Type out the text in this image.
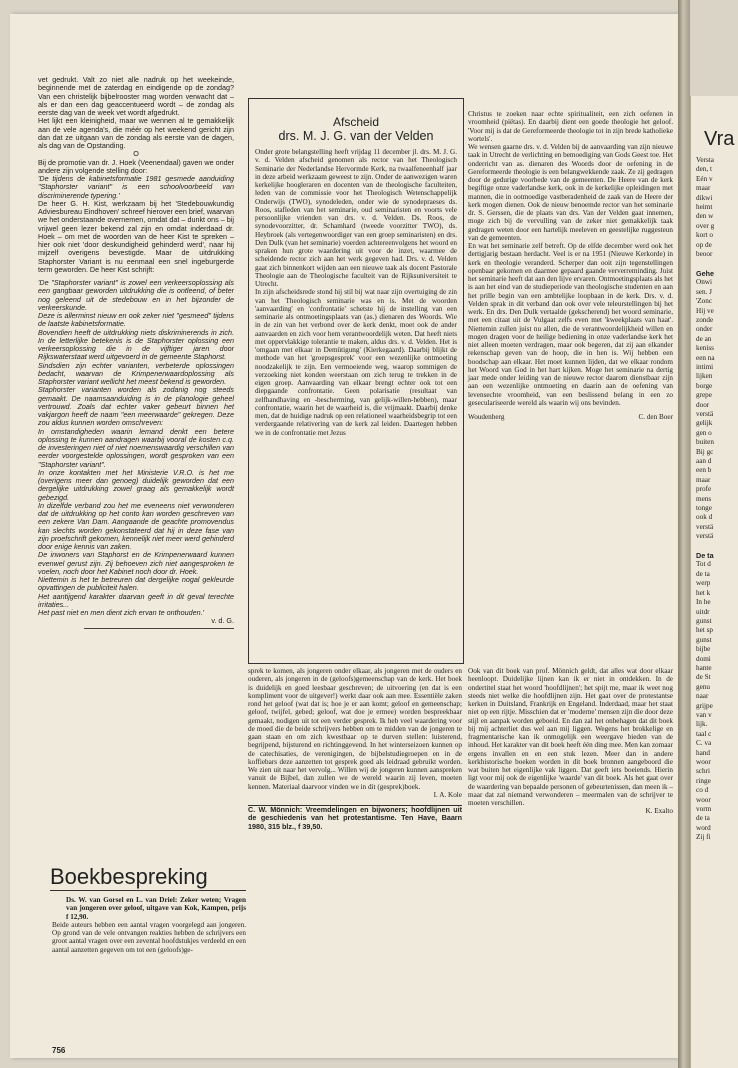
vet gedrukt. Valt zo niet alle nadruk op het weekeinde, beginnende met de zaterdag en eindigende op de zondag? Van een christelijk bijbelrooster mag worden verwacht dat – als er dan een dag geaccentueerd wordt – de zondag als eerste dag van de week vet wordt afgedrukt.

Het lijkt een kleinigheid, maar we wennen al te gemakkelijk aan de vele agenda's, die méér op het weekend gericht zijn dan dat ze uitgaan van de zondag als eerste van de dagen, als dag van de Opstanding.

O

Bij de promotie van dr. J. Hoek (Veenendaal) gaven we onder andere zijn volgende stelling door:

'De tijdens de kabinetsformatie 1981 gesmede aanduiding "Staphorster variant" is een schoolvoorbeeld van discriminerende typering.'

De heer G. H. Kist, werkzaam bij het 'Stedebouwkundig Adviesbureau Eindhoven' schreef hierover een brief, waarvan we het onderstaande overnemen, omdat dat – dunkt ons – bij vrijwel geen lezer bekend zal zijn en omdat inderdaad dr. Hoek – om met de woorden van de heer Kist te spreken – hier ook niet 'door deskundigheid gehinderd werd', naar hij mijzelf overigens bevestigde. Maar de uitdrukking Staphorster Variant is nu eenmaal een snel ingeburgerde term geworden. De heer Kist schrijft:

'De "Staphorster variant" is zowel een verkeersoplossing als een gangbaar geworden uitdrukking die is ontleend, of beter nog geleend uit de stedebouw en in het bijzonder de verkeerskunde.

Deze is allerminst nieuw en ook zeker niet "gesmeed" tijdens de laatste kabinetsformatie.

Bovendien heeft de uitdrukking niets diskriminerends in zich. In de letterlijke betekenis is de Staphorster oplossing een verkeersoplossing die in de vijftiger jaren door Rijkswaterstaat werd uitgevoerd in de gemeente Staphorst.

Sindsdien zijn echter varianten, verbeterde oplossingen bedacht, waarvan de Krimpenerwaardoplossing als Staphorster variant wellicht het meest bekend is geworden.

Staphorster varianten worden als zodanig nog steeds gemaakt. De naamsaanduiding is in de planologie geheel vertrouwd. Zoals dat echter vaker gebeurt binnen het vakjargon heeft de naam "een meerwaarde" gekregen. Deze zou aldus kunnen worden omschreven:

In omstandigheden waarin lemand denkt een betere oplossing te kunnen aandragen waarbij vooral de kosten c.q. de investeringen niet of niet noemenswaardig verschillen van eerder voorgestelde oplossingen, wordt gesproken van een "Staphorster variant".

In onze kontakten met het Ministerie V.R.O. is het me (overigens meer dan genoeg) duidelijk geworden dat een dergelijke uitdrukking zowel graag als gemakkelijk wordt gebezigd.

In dizelfde verband zou het me eveneens niet verwonderen dat de uitdrukking op het conto kan worden geschreven van een zekere Van Dam. Aangaande de geachte promovendus kan slechts worden gekonstateerd dat hij in deze fase van zijn proefschrift gekomen, kennelijk niet meer werd gehinderd door enige kennis van zaken.

De inwoners van Staphorst en de Krimpenerwaard kunnen evenwel gerust zijn. Zij behoeven zich niet aangesproken te voelen, noch door het Kabinet noch door dr. Hoek.

Niettemin is het te betreuren dat dergelijke nogal gekleurde opvattingen de publiciteit halen.

Het aantijgend karakter daarvan geeft in dit geval terechte irritaties...

Het past niet en men dient zich ervan te onthouden.'

v. d. G.

Afscheid
drs. M. J. G. van der Velden

Onder grote belangstelling heeft vrijdag 11 december jl. drs. M. J. G. v. d. Velden afscheid genomen als rector van het Theologisch Seminarie der Nederlandse Hervormde Kerk, na twaalfeneenhalf jaar in deze arbeid werkzaam geweest te zijn. Onder de aanwezigen waren kerkelijke hoogleraren en docenten van de theologische faculteiten, leden van de commissie voor het Theologisch Wetenschappelijk Onderwijs (TWO), synodeleden, onder wie de synodepraeses ds. Roos, stafleden van het seminarie, oud seminaristen en voorts vele persoonlijke vrienden van drs. v. d. Velden. Ds. Roos, de synodevoorzitter, dr. Schamhard (tweede voorzitter TWO), ds. Heybroek (als vertegenwoordiger van een groep seminaristen) en drs. Den Dulk (van het seminarie) voerden achtereenvolgens het woord en spraken hun grote waardering uit voor de inzet, waarmee de scheidende rector zich aan het werk gegeven had. Drs. v. d. Velden gaat zich binnenkort wijden aan een nieuwe taak als docent Pastorale Theologie aan de Theologische faculteit van de Rijksuniversiteit te Utrecht.

In zijn afscheidsrede stond hij stil bij wat naar zijn overtuiging de zin van het Theologisch seminarie was en is. Met de woorden 'aanvaarding' en 'confrontatie' schetste hij de instelling van een seminarie als ontmoetingsplaats van (as.) dienaren des Woords. Wie in de zin van het verbond over de kerk denkt, moet ook de ander aanvaarden en zich voor hem verantwoordelijk weten. Dat heeft niets met oppervlakkige tolerantie te maken, aldus drs. v. d. Velden. Het is 'omgaan met elkaar in Demütigung' (Kierkegaard). Daarbij blijkt de methode van het 'groepsgesprek' voor een wezenlijke ontmoeting noodzakelijk te zijn. Een vermoeiende weg, waarop sommigen de verzoeking niet konden weerstaan om zich terug te trekken in de eigen groep. Aanvaarding van elkaar brengt echter ook tot een diepgaande confrontatie. Geen polarisatie (resultaat van zelfhandhaving en -bescherming, van gelijk-willen-hebben), maar confrontatie, waarin het de waarheid is, die vrijmaakt. Daarbij denke men, dat de huidige nadruk op een relationeel waarheidsbegrip tot een verdergaande relativering van de kerk zal leiden. Daartegen hebben we in de confrontatie met Jezus

Christus te zoeken naar echte spiritualiteit, een zich oefenen in vroomheid (piëtas). En daarbij dient een goede theologie het geloof. 'Voor mij is dat de Gereformeerde theologie tot in zijn brede katholieke wortels'.

We wensen gaarne drs. v. d. Velden bij de aanvaarding van zijn nieuwe taak in Utrecht de verlichting en bemoediging van Gods Geest toe. Het onderricht van as. dienaren des Woords door de oefening in de Gereformeerde theologie is een belangwekkende zaak. Ze zij gedragen door de gedurige voorbede van de gemeenten. De Heere van de kerk begiftige onze vaderlandse kerk, ook in de kerkelijke opleidingen met mannen, die in ootmoedige vastberadenheid de zaak van de Heere der kerk mogen dienen. Ook de nieuw benoemde rector van het seminarie dr. S. Gerssen, die de plaats van drs. Van der Velden gaat innemen, moge zich bij de vervulling van de zeker niet gemakkelijk taak gedragen weten door een hartelijk meeleven en geestelijke ruggesteun van de gemeenten.

En wat het seminarie zelf betreft. Op de elfde december werd ook het dertigjarig bestaan herdacht. Veel is er na 1951 (Nieuwe Kerkorde) in kerk en theologie veranderd. Scherper dan ooit zijn tegenstellingen openbaar gekomen en daarmee gepaard gaande ververreminding. Juist het seminarie heeft dat aan den lijve ervaren. Ontmoetingsplaats als het is aan het eind van de studieperiode van theologische studenten en aan het prille begin van een ambtelijke loopbaan in de kerk. Drs. v. d. Velden sprak in dit verband dan ook over vele teleurstellingen bij het werk. En drs. Den Dulk vertaalde (gekscherend) het woord seminarie, met een citaat uit de Vulgaat zelfs even met 'kweekplaats van haat'. Niettemin zullen juist nu allen, die de verantwoordelijkheid willen en mogen dragen voor de heilige bediening in onze vaderlandse kerk het niet alleen moeten verdragen, maar ook begeren, dat zij aan elkander rekenschap geven van de hoop, die in hen is. Wij hebben een boodschap aan elkaar. Het moet kunnen lijden, dat we elkaar rondom het Woord van God in het hart kijken. Moge het seminarie na dertig jaar mede onder leiding van de nieuwe rector daarom dienstbaar zijn aan een wezenlijke ontmoeting en daarin aan de oefening van levensechte vroomheid, van een beslissend belang in een zo geseculariseerde wereld als waarin wij ons bevinden.

Woudenberg	C. den Boer
Boekbespreking

Ds. W. van Gorsel en L. van Driel: Zeker weten; Vragen van jongeren over geloof, uitgave van Kok, Kampen, prijs f 12,90.

Beide auteurs hebben een aantal vragen voorgelegd aan jongeren. Op grond van de vele ontvangen reakties hebben de schrijvers een groot aantal vragen over een zevental hoofdstukjes verdeeld en een aantal aanzetten gegeven om tot een (geloofs)ge-

sprek te komen, als jongeren onder elkaar, als jongeren met de ouders en ouderen, als jongeren in de (geloofs)gemeenschap van de kerk. Het boek is duidelijk en goed leesbaar geschreven; de uitvoering (en dat is een kompliment voor de uitgever!) werkt daar ook aan mee. Essentiële zaken rond het geloof (wat dat is; hoe je er aan komt; geloof en gemeenschap; geloof, twijfel, gebed; geloof, wat doe je ermee) worden bespreekbaar gemaakt, nodigen uit tot een verder gesprek. Ik heb veel waardering voor de moed die de beide schrijvers hebben om te midden van de jongeren te gaan staan en om zich kwestbaar op te durven stellen: luisterend, begrijpend, bijsturend en richtinggevend. In het winterseizoen kunnen op de catechisaties, de verenigingen, de bijbelstudiegroepen en in de koffiebars deze aanzetten tot gesprek goed als leidraad gebruikt worden. We zien uit naar het vervolg... Willen wij de jongeren kunnen aanspreken vanuit de Bijbel, dan zullen we de wereld waarin zij leven, moeten kennen. Materiaal daarvoor vinden we in dit (gesprek)boek.

I. A. Kole

C. W. Mönnich: Vreemdelingen en bijwoners; hoofdlijnen uit de geschiedenis van het protestantisme. Ten Have, Baarn 1980, 315 blz., f 39,50.

Ook van dit boek van prof. Mönnich geldt, dat alles wat door elkaar heenloopt. Duidelijke lijnen kan ik er niet in ontdekken. In de ondertitel staat het woord 'hoofdlijnen'; het spijt me, maar ik weet nog steeds niet welke die hoofdlijnen zijn. Het gaat over de protestantse kerken in Duitsland, Frankrijk en Engeland. Inderdaad, maar het staat niet op een rijtje. Misschien dat er 'moderne' mensen zijn die door deze stijl en aanpak worden geboeid. En dan zal het onbehagen dat dit boek bij mij achterliet dus wel aan mij liggen. Wegens het brokkelige en fragmentarische kan ik onmogelijk een weergave bieden van de inhoud. Het karakter van dit boek heeft één ding mee. Men kan zomaar ergens invallen en en een stuk lezen. Meer dan in andere kerkhistorische boeken worden in dit boek bronnen aangeboord die wat buiten het eigenlijke vak liggen. Dat geeft iets boeiends. Hierin ligt voor mij ook de eigenlijke 'waarde' van dit boek. Als het gaat over de waardering van bepaalde personen of gebeurtenissen, dan meen ik – maar dat zal niemand verwonderen – meermalen van de schrijver te moeten verschillen.

K. Exalto

756
Vra
Versta
den, t
Eén v
maar
dikwi
heimt
den w
over g
kort o
op de
beoor

Gehe
Onwi
sen. J
'Zonc
Hij ve
zonde
onder
de an
keniss
een na
intimi
lijken
borge
grepe
door
verstä
gelijk
gen o
buiten
Bij gc
aan d
een b
maar
profe
mens
tonge
ook d
verstä
verstä

De ta
Tot d
de ta
werp
het k
In he
uitdr
gunst
het sp
gunst
bijbe
domi
hante
de St
genu
naar
grijpe
van v
lijk.
taal c
C. va
hand
woor
schri
ringe
co d
woor
vorm
de ta
word
Zij fi
